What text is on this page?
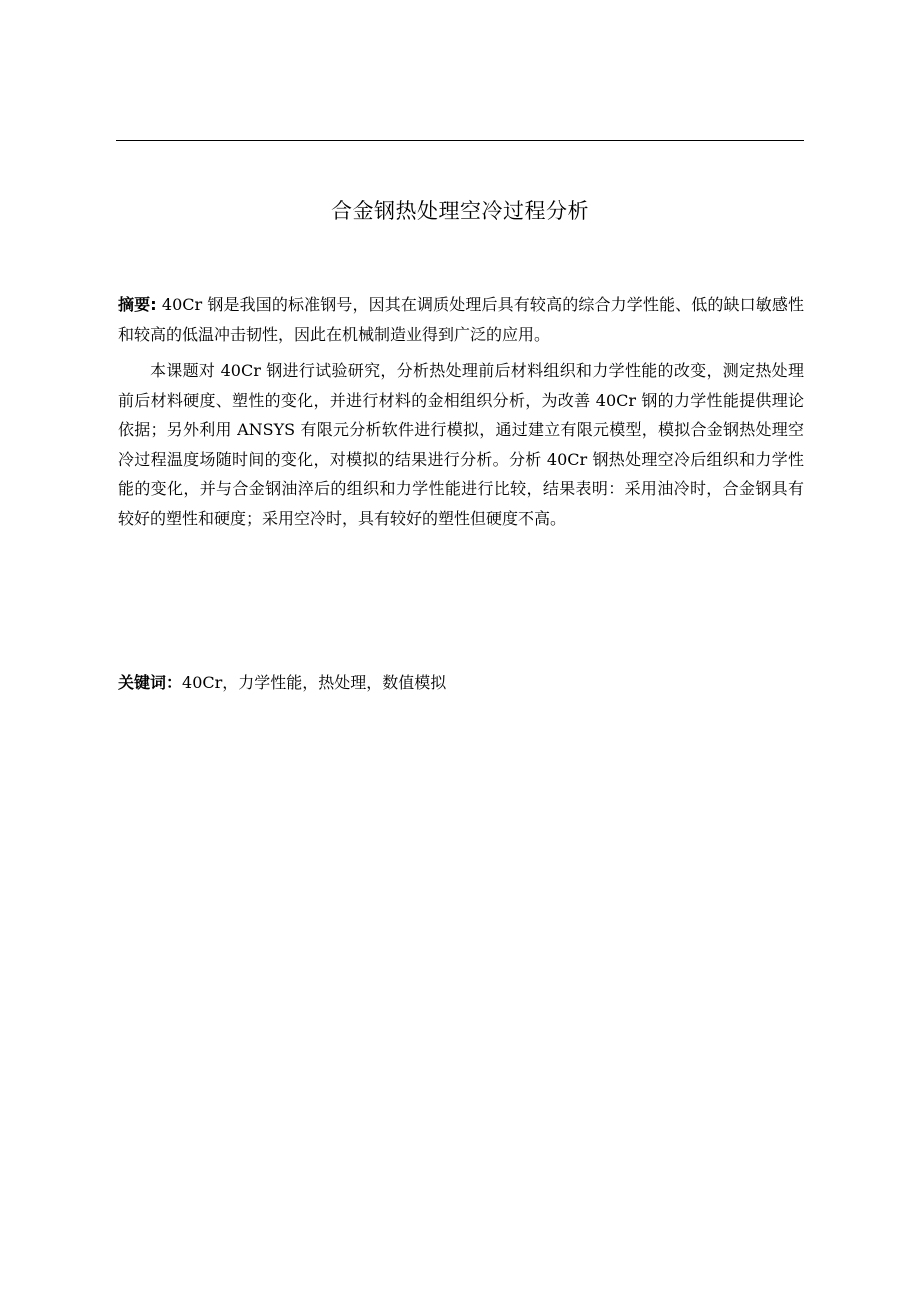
合金钢热处理空冷过程分析

摘要: 40Cr 钢是我国的标准钢号，因其在调质处理后具有较高的综合力学性能、低的缺口敏感性和较高的低温冲击韧性，因此在机械制造业得到广泛的应用。

本课题对 40Cr 钢进行试验研究，分析热处理前后材料组织和力学性能的改变，测定热处理前后材料硬度、塑性的变化，并进行材料的金相组织分析，为改善 40Cr 钢的力学性能提供理论依据；另外利用 ANSYS 有限元分析软件进行模拟，通过建立有限元模型，模拟合金钢热处理空冷过程温度场随时间的变化，对模拟的结果进行分析。分析 40Cr 钢热处理空冷后组织和力学性能的变化，并与合金钢油淬后的组织和力学性能进行比较，结果表明：采用油冷时，合金钢具有较好的塑性和硬度；采用空冷时，具有较好的塑性但硬度不高。

关键词：40Cr，力学性能，热处理，数值模拟
